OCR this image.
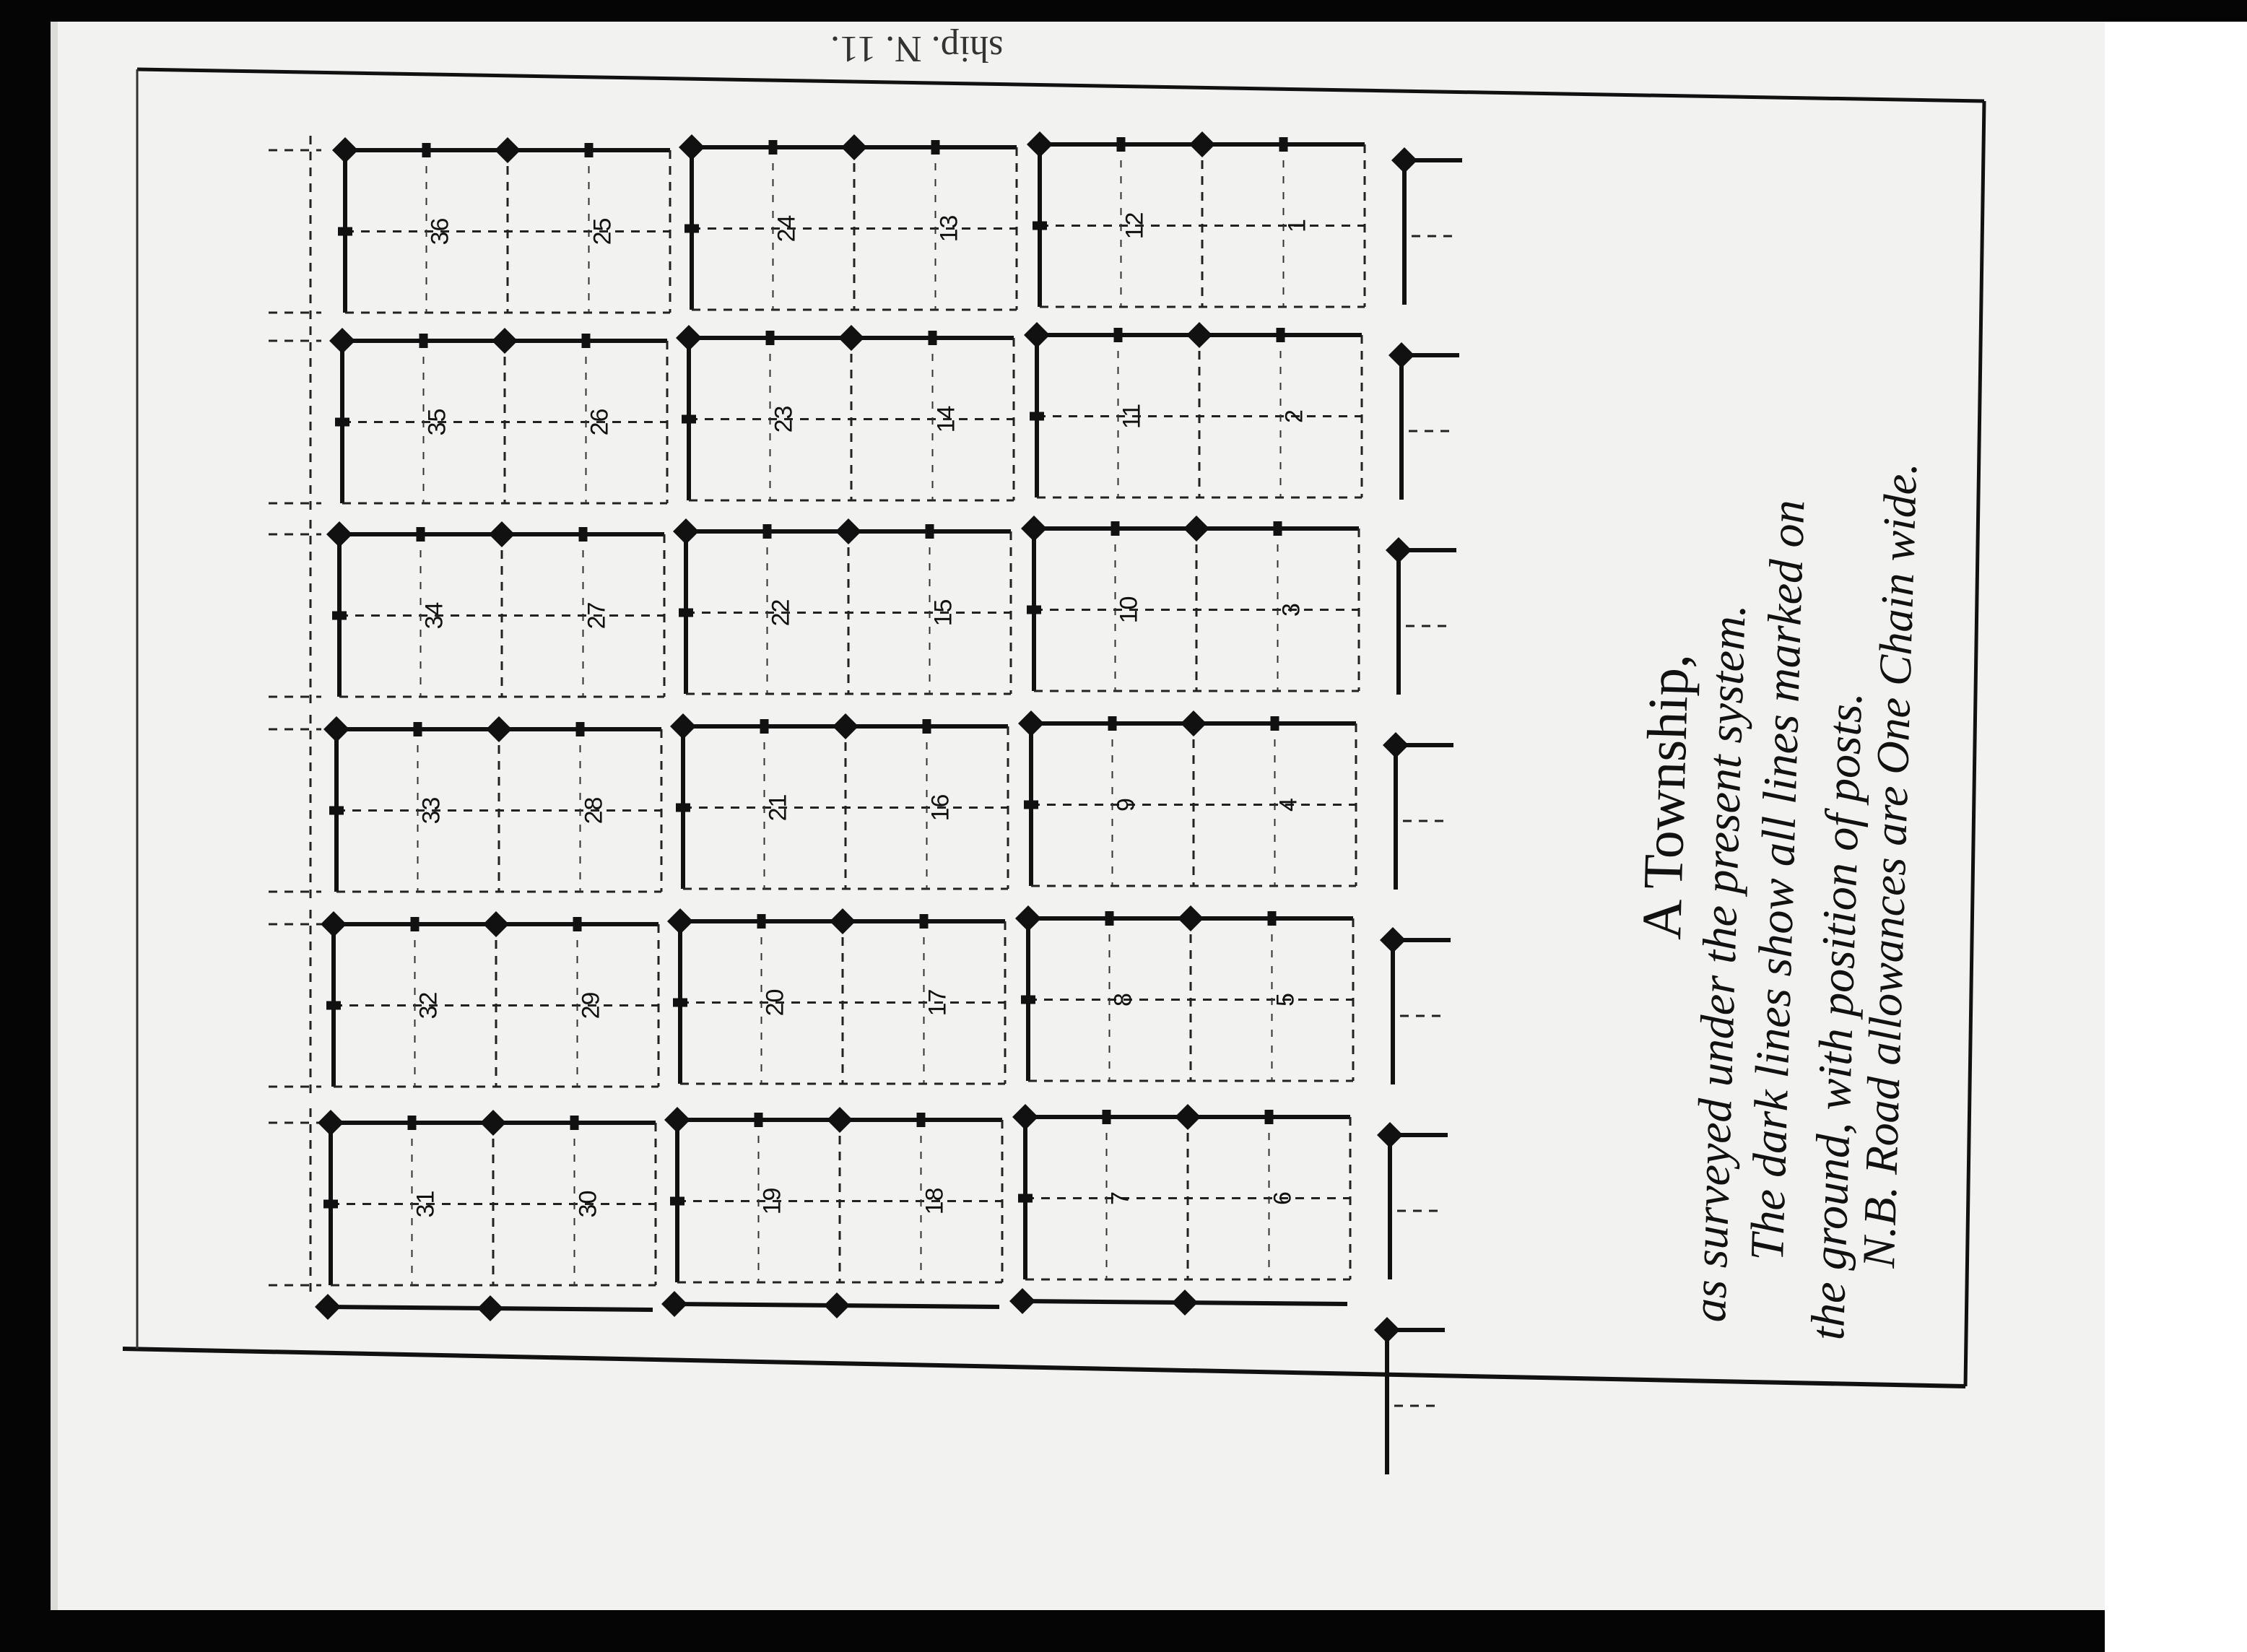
ship. N. 11.
36	25
35	26
34	27
33	28
32	29
31	30
24	13
23	14
22	15
21	16
20	17
19	18
12	1
11	2
10	3
9	4
8	5
7	6
A Township,
as surveyed under the present system.
The dark lines show all lines marked on
the ground, with position of posts.
N.B. Road allowances are One Chain wide.
